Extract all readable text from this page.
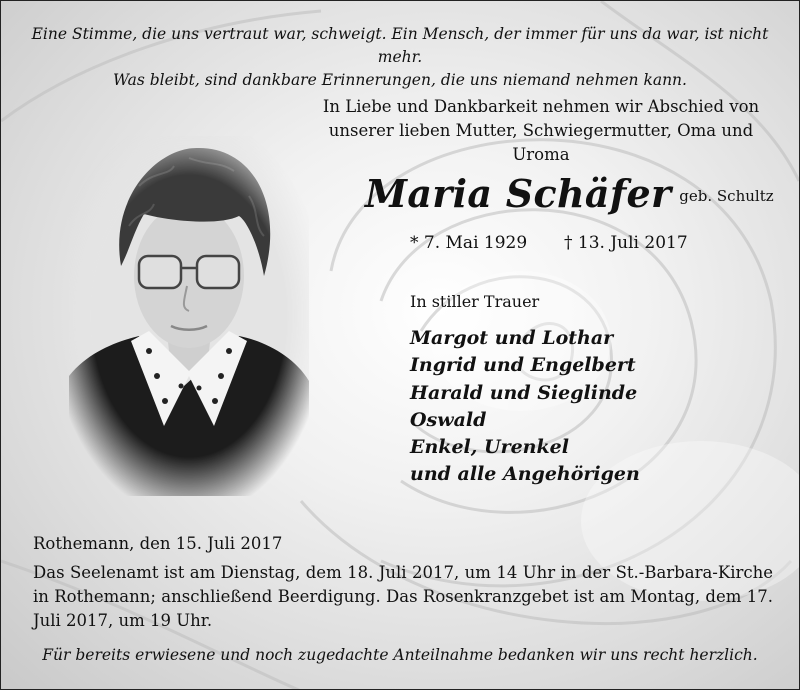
Eine Stimme, die uns vertraut war, schweigt. Ein Mensch, der immer für uns da war, ist nicht mehr.
Was bleibt, sind dankbare Erinnerungen, die uns niemand nehmen kann.
In Liebe und Dankbarkeit nehmen wir Abschied von
unserer lieben Mutter, Schwiegermutter, Oma und Uroma
Maria Schäfer geb. Schultz
* 7. Mai 1929 † 13. Juli 2017
In stiller Trauer
Margot und Lothar
Ingrid und Engelbert
Harald und Sieglinde
Oswald
Enkel, Urenkel
und alle Angehörigen
Rothemann, den 15. Juli 2017
Das Seelenamt ist am Dienstag, dem 18. Juli 2017, um 14 Uhr in der St.-Barbara-Kirche in Rothemann; anschließend Beerdigung. Das Rosenkranzgebet ist am Montag, dem 17. Juli 2017, um 19 Uhr.
Für bereits erwiesene und noch zugedachte Anteilnahme bedanken wir uns recht herzlich.
